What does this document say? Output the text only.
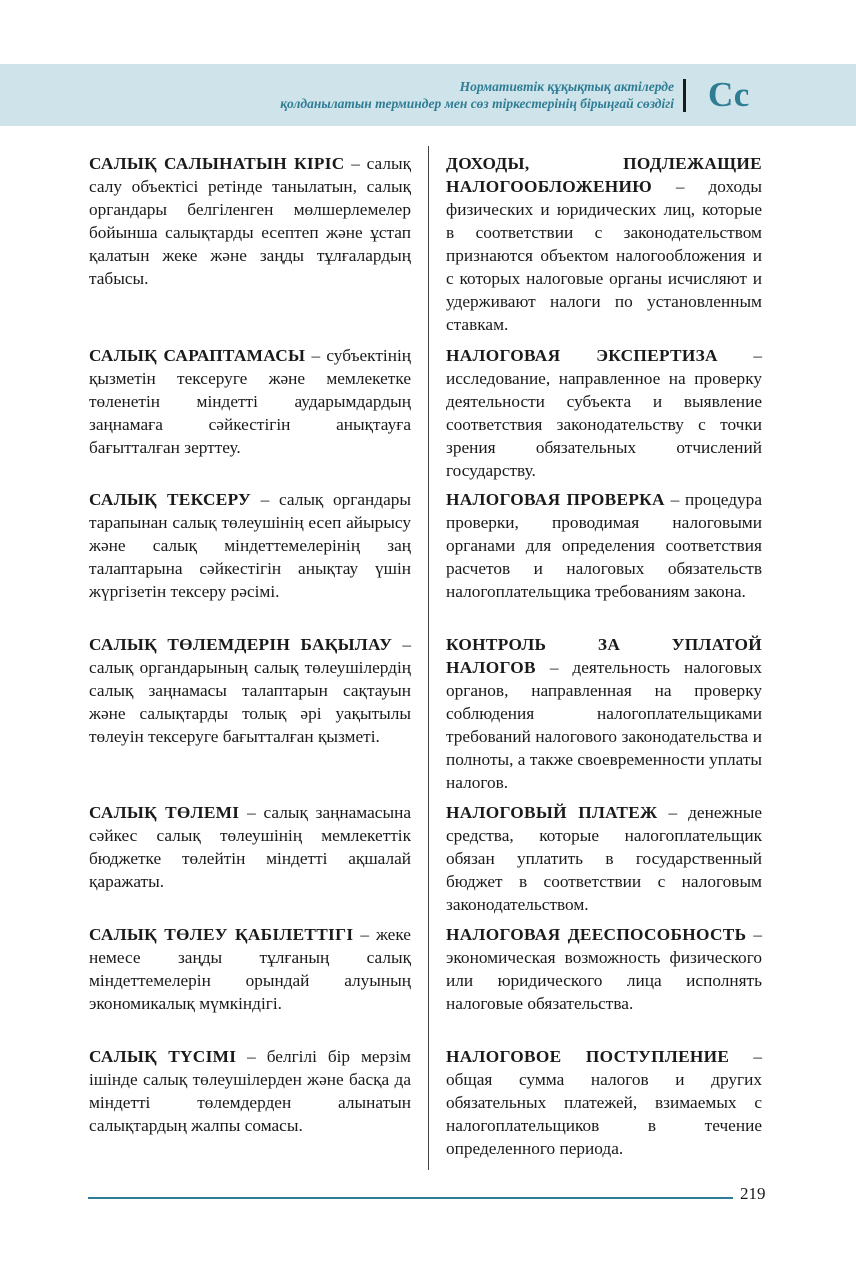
Нормативтік құқықтық актілерде
қолданылатын терминдер мен сөз тіркестерінің бірыңғай сөздігі Сс
САЛЫҚ САЛЫНАТЫН КІРІС – салық салу объектісі ретінде танылатын, салық органдары белгіленген мөлшерлемелер бойынша салықтарды есептеп және ұстап қалатын жеке және заңды тұлғалардың табысы.
ДОХОДЫ, ПОДЛЕЖАЩИЕ НАЛОГООБЛОЖЕНИЮ – доходы физических и юридических лиц, которые в соответствии с законодательством признаются объектом налогообложения и с которых налоговые органы исчисляют и удерживают налоги по установленным ставкам.
САЛЫҚ САРАПТАМАСЫ – субъектінің қызметін тексеруге және мемлекетке төленетін міндетті аударымдардың заңнамаға сәйкестігін анықтауға бағытталған зерттеу.
НАЛОГОВАЯ ЭКСПЕРТИЗА – исследование, направленное на проверку деятельности субъекта и выявление соответствия законодательству с точки зрения обязательных отчислений государству.
САЛЫҚ ТЕКСЕРУ – салық органдары тарапынан салық төлеушінің есеп айырысу және салық міндеттемелерінің заң талаптарына сәйкестігін анықтау үшін жүргізетін тексеру рәсімі.
НАЛОГОВАЯ ПРОВЕРКА – процедура проверки, проводимая налоговыми органами для определения соответствия расчетов и налоговых обязательств налогоплательщика требованиям закона.
САЛЫҚ ТӨЛЕМДЕРІН БАҚЫЛАУ – салық органдарының салық төлеушілердің салық заңнамасы талаптарын сақтауын және салықтарды толық әрі уақытылы төлеуін тексеруге бағытталған қызметі.
КОНТРОЛЬ ЗА УПЛАТОЙ НАЛОГОВ – деятельность налоговых органов, направленная на проверку соблюдения налогоплательщиками требований налогового законодательства и полноты, а также своевременности уплаты налогов.
САЛЫҚ ТӨЛЕМІ – салық заңнамасына сәйкес салық төлеушінің мемлекеттік бюджетке төлейтін міндетті ақшалай қаражаты.
НАЛОГОВЫЙ ПЛАТЕЖ – денежные средства, которые налогоплательщик обязан уплатить в государственный бюджет в соответствии с налоговым законодательством.
САЛЫҚ ТӨЛЕУ ҚАБІЛЕТТІГІ – жеке немесе заңды тұлғаның салық міндеттемелерін орындай алуының экономикалық мүмкіндігі.
НАЛОГОВАЯ ДЕЕСПОСОБНОСТЬ – экономическая возможность физического или юридического лица исполнять налоговые обязательства.
САЛЫҚ ТҮСІМІ – белгілі бір мерзім ішінде салық төлеушілерден және басқа да міндетті төлемдерден алынатын салықтардың жалпы сомасы.
НАЛОГОВОЕ ПОСТУПЛЕНИЕ – общая сумма налогов и других обязательных платежей, взимаемых с налогоплательщиков в течение определенного периода.
219
